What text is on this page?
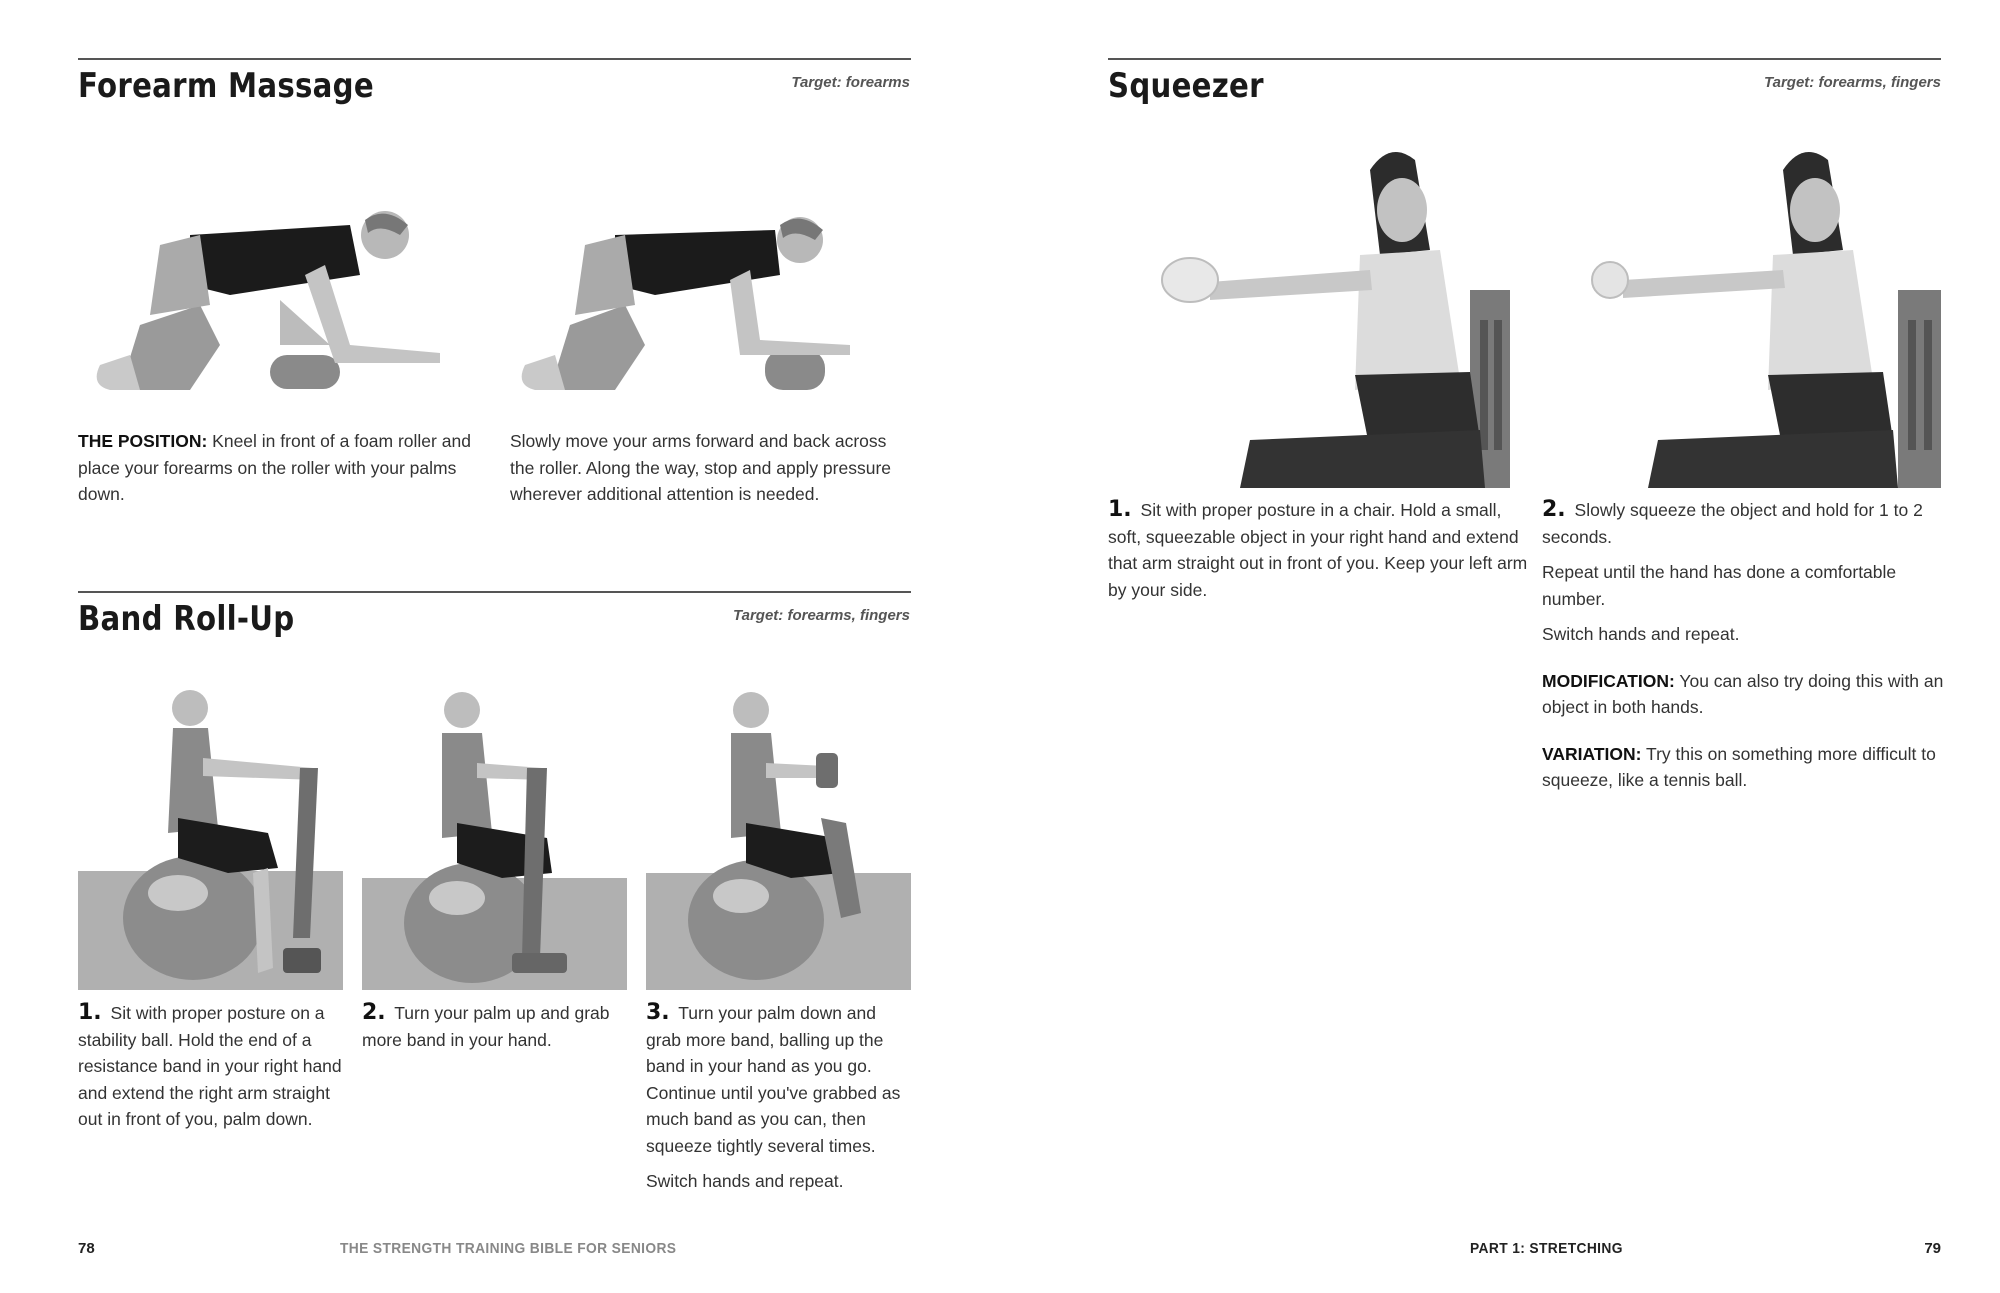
Forearm Massage	Target: forearms

THE POSITION: Kneel in front of a foam roller and place your forearms on the roller with your palms down.

Slowly move your arms forward and back across the roller. Along the way, stop and apply pressure wherever additional attention is needed.

Band Roll-Up	Target: forearms, fingers

1. Sit with proper posture on a stability ball. Hold the end of a resistance band in your right hand and extend the right arm straight out in front of you, palm down.
2. Turn your palm up and grab more band in your hand.

3. Turn your palm down and grab more band, balling up the band in your hand as you go. Continue until you've grabbed as much band as you can, then squeeze tightly several times.

Switch hands and repeat.

78	THE STRENGTH TRAINING BIBLE FOR SENIORS

Squeezer	Target: forearms, fingers

1. Sit with proper posture in a chair. Hold a small, soft, squeezable object in your right hand and extend that arm straight out in front of you. Keep your left arm by your side.

2. Slowly squeeze the object and hold for 1 to 2 seconds.

Repeat until the hand has done a comfortable number.

Switch hands and repeat.

MODIFICATION: You can also try doing this with an object in both hands.

VARIATION: Try this on something more difficult to squeeze, like a tennis ball.

PART 1: STRETCHING	79
